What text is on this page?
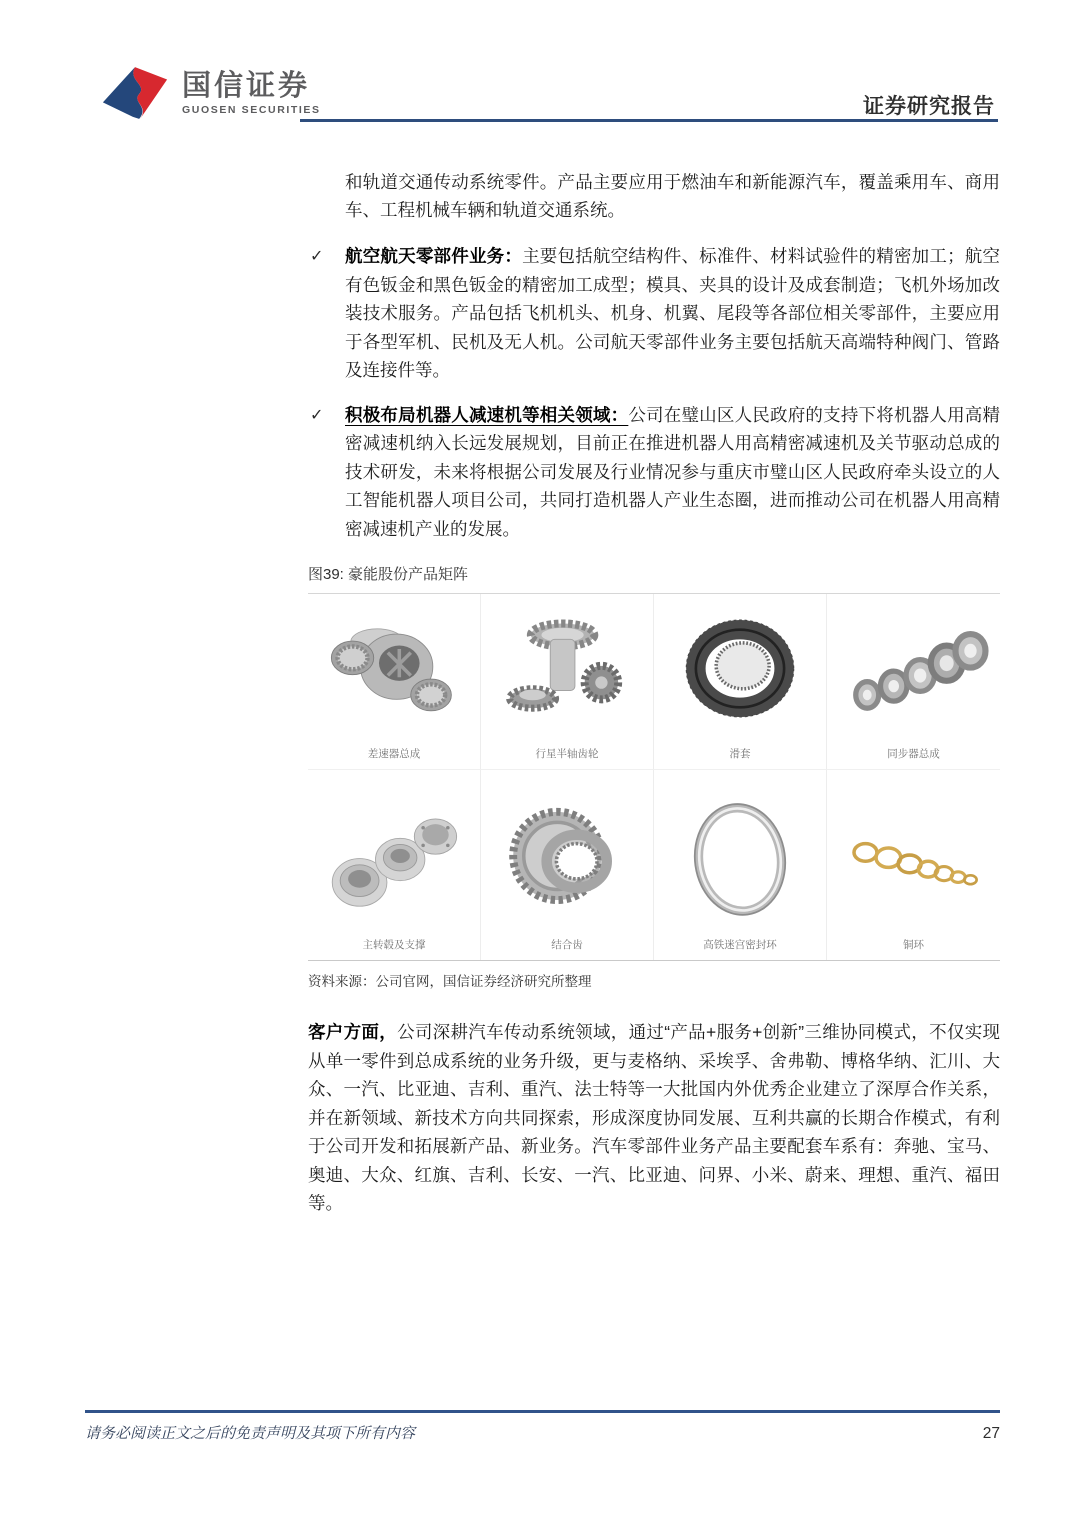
国信证券
GUOSEN SECURITIES	证券研究报告

和轨道交通传动系统零件。产品主要应用于燃油车和新能源汽车，覆盖乘用车、商用车、工程机械车辆和轨道交通系统。

✓ 航空航天零部件业务：主要包括航空结构件、标准件、材料试验件的精密加工；航空有色钣金和黑色钣金的精密加工成型；模具、夹具的设计及成套制造；飞机外场加改装技术服务。产品包括飞机机头、机身、机翼、尾段等各部位相关零部件，主要应用于各型军机、民机及无人机。公司航天零部件业务主要包括航天高端特种阀门、管路及连接件等。
✓ 积极布局机器人减速机等相关领域：公司在璧山区人民政府的支持下将机器人用高精密减速机纳入长远发展规划，目前正在推进机器人用高精密减速机及关节驱动总成的技术研发，未来将根据公司发展及行业情况参与重庆市璧山区人民政府牵头设立的人工智能机器人项目公司，共同打造机器人产业生态圈，进而推动公司在机器人用高精密减速机产业的发展。
图39: 豪能股份产品矩阵
差速器总成	行星半轴齿轮	滑套	同步器总成
主转毂及支撑	结合齿	高铁迷宫密封环	铜环
资料来源：公司官网，国信证券经济研究所整理

客户方面，公司深耕汽车传动系统领域，通过“产品+服务+创新”三维协同模式，不仅实现从单一零件到总成系统的业务升级，更与麦格纳、采埃孚、舍弗勒、博格华纳、汇川、大众、一汽、比亚迪、吉利、重汽、法士特等一大批国内外优秀企业建立了深厚合作关系，并在新领域、新技术方向共同探索，形成深度协同发展、互利共赢的长期合作模式，有利于公司开发和拓展新产品、新业务。汽车零部件业务产品主要配套车系有：奔驰、宝马、奥迪、大众、红旗、吉利、长安、一汽、比亚迪、问界、小米、蔚来、理想、重汽、福田等。

请务必阅读正文之后的免责声明及其项下所有内容	27
